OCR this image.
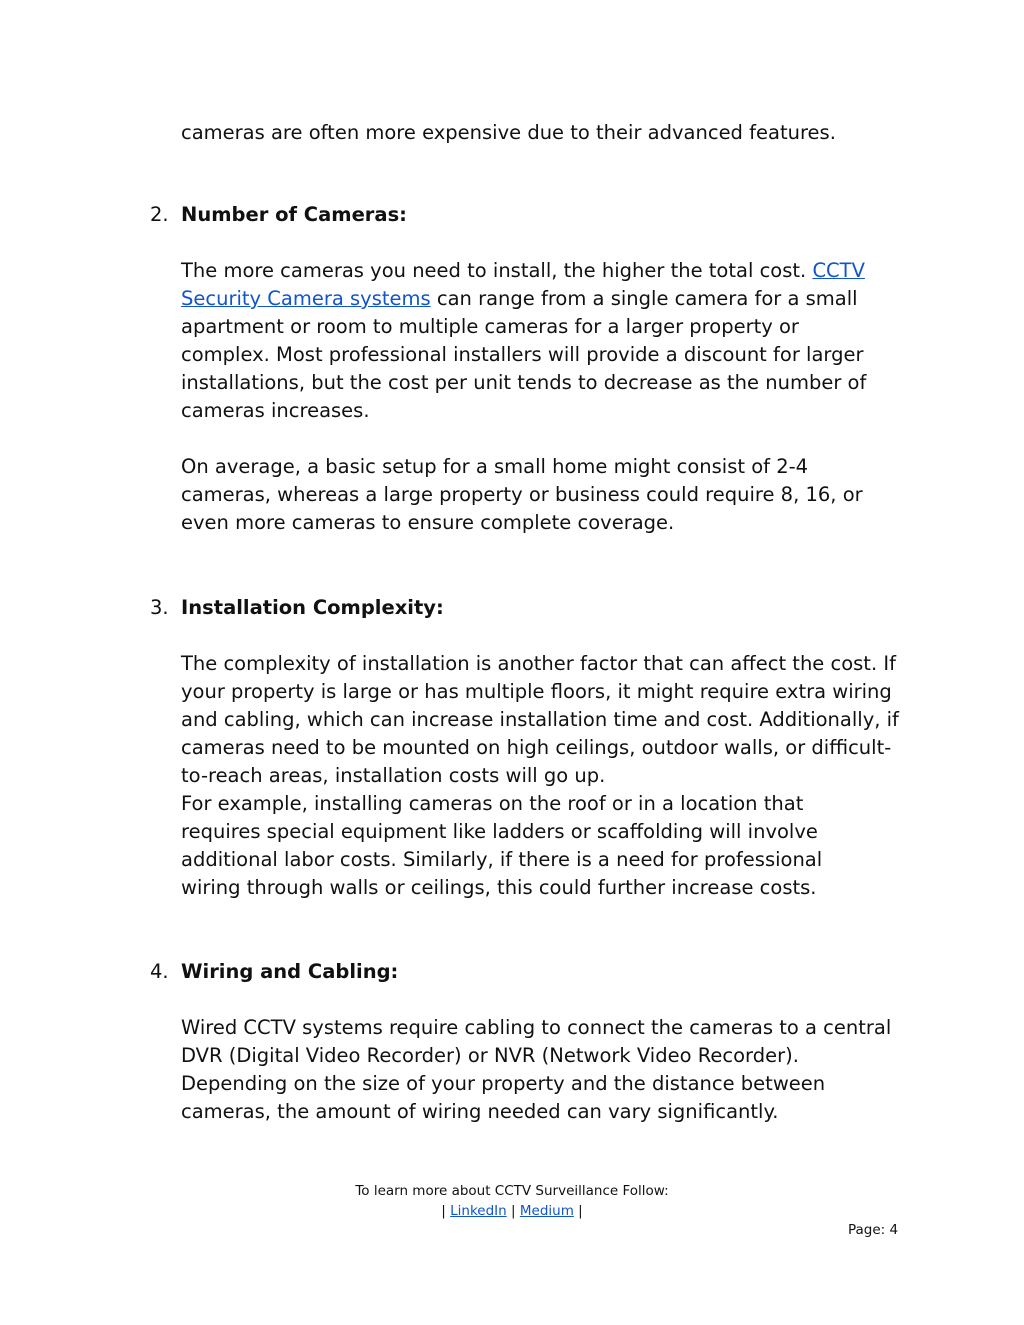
cameras are often more expensive due to their advanced features.

2. Number of Cameras:

The more cameras you need to install, the higher the total cost. CCTV Security Camera systems can range from a single camera for a small apartment or room to multiple cameras for a larger property or complex. Most professional installers will provide a discount for larger installations, but the cost per unit tends to decrease as the number of cameras increases.

On average, a basic setup for a small home might consist of 2-4 cameras, whereas a large property or business could require 8, 16, or even more cameras to ensure complete coverage.

3. Installation Complexity:

The complexity of installation is another factor that can affect the cost. If your property is large or has multiple floors, it might require extra wiring and cabling, which can increase installation time and cost. Additionally, if cameras need to be mounted on high ceilings, outdoor walls, or difficult-to-reach areas, installation costs will go up.

For example, installing cameras on the roof or in a location that requires special equipment like ladders or scaffolding will involve additional labor costs. Similarly, if there is a need for professional wiring through walls or ceilings, this could further increase costs.

4. Wiring and Cabling:

Wired CCTV systems require cabling to connect the cameras to a central DVR (Digital Video Recorder) or NVR (Network Video Recorder). Depending on the size of your property and the distance between cameras, the amount of wiring needed can vary significantly.

To learn more about CCTV Surveillance Follow:
| LinkedIn | Medium |
Page: 4
